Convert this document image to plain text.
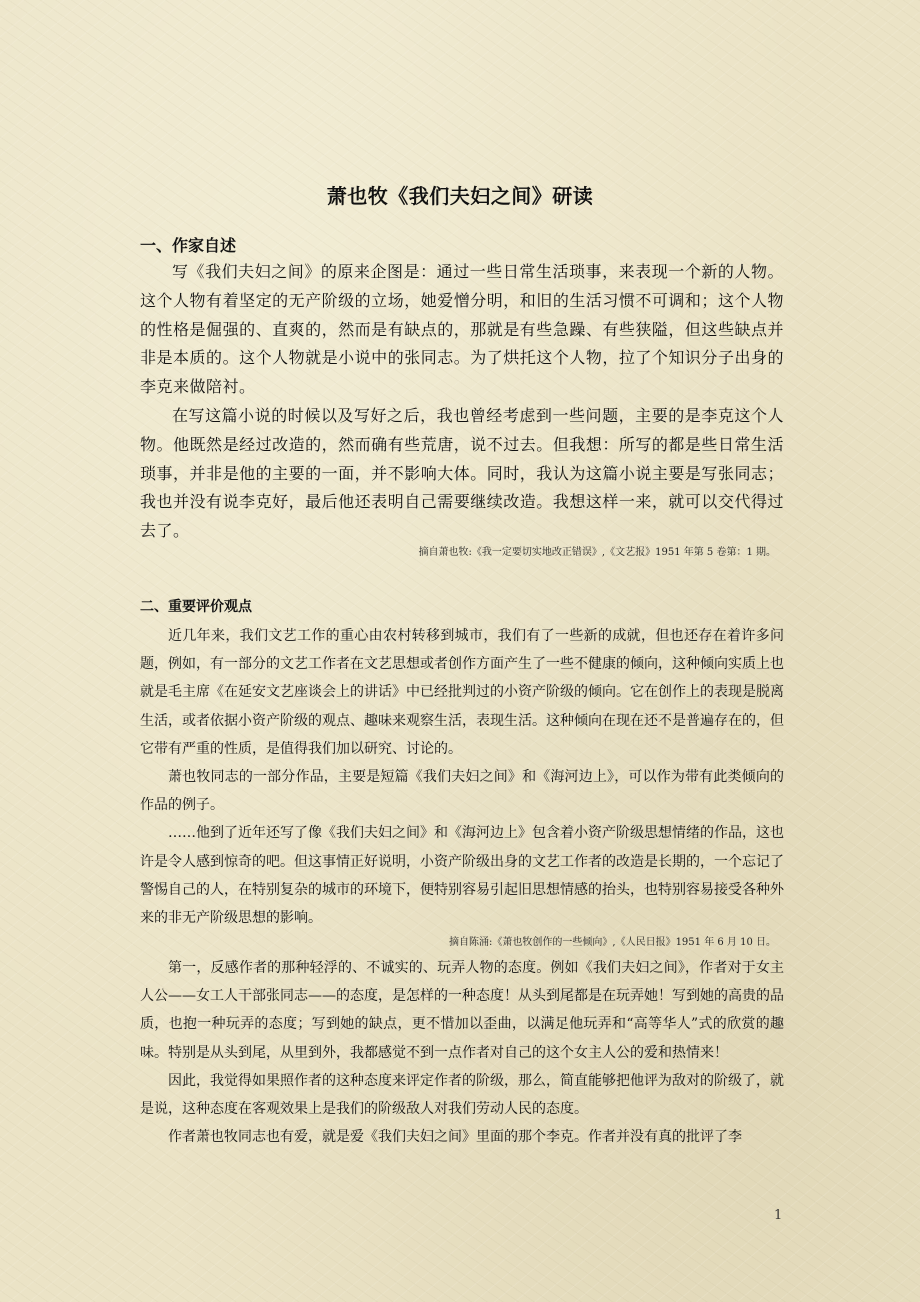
萧也牧《我们夫妇之间》研读
一、作家自述

写《我们夫妇之间》的原来企图是：通过一些日常生活琐事，来表现一个新的人物。这个人物有着坚定的无产阶级的立场，她爱憎分明，和旧的生活习惯不可调和；这个人物的性格是倔强的、直爽的，然而是有缺点的，那就是有些急躁、有些狭隘，但这些缺点并非是本质的。这个人物就是小说中的张同志。为了烘托这个人物，拉了个知识分子出身的李克来做陪衬。

在写这篇小说的时候以及写好之后，我也曾经考虑到一些问题，主要的是李克这个人物。他既然是经过改造的，然而确有些荒唐，说不过去。但我想：所写的都是些日常生活琐事，并非是他的主要的一面，并不影响大体。同时，我认为这篇小说主要是写张同志；我也并没有说李克好，最后他还表明自己需要继续改造。我想这样一来，就可以交代得过去了。

摘自萧也牧:《我一定要切实地改正错误》,《文艺报》1951 年第 5 卷第：1 期。
二、重要评价观点

近几年来，我们文艺工作的重心由农村转移到城市，我们有了一些新的成就，但也还存在着许多问题，例如，有一部分的文艺工作者在文艺思想或者创作方面产生了一些不健康的倾向，这种倾向实质上也就是毛主席《在延安文艺座谈会上的讲话》中已经批判过的小资产阶级的倾向。它在创作上的表现是脱离生活，或者依据小资产阶级的观点、趣味来观察生活，表现生活。这种倾向在现在还不是普遍存在的，但它带有严重的性质，是值得我们加以研究、讨论的。

萧也牧同志的一部分作品，主要是短篇《我们夫妇之间》和《海河边上》，可以作为带有此类倾向的作品的例子。

……他到了近年还写了像《我们夫妇之间》和《海河边上》包含着小资产阶级思想情绪的作品，这也许是令人感到惊奇的吧。但这事情正好说明，小资产阶级出身的文艺工作者的改造是长期的，一个忘记了警惕自己的人，在特别复杂的城市的环境下，便特别容易引起旧思想情感的抬头，也特别容易接受各种外来的非无产阶级思想的影响。

摘自陈涌:《萧也牧创作的一些倾向》,《人民日报》1951 年 6 月 10 日。

第一，反感作者的那种轻浮的、不诚实的、玩弄人物的态度。例如《我们夫妇之间》，作者对于女主人公——女工人干部张同志——的态度，是怎样的一种态度！从头到尾都是在玩弄她！写到她的高贵的品质，也抱一种玩弄的态度；写到她的缺点，更不惜加以歪曲，以满足他玩弄和“高等华人”式的欣赏的趣味。特别是从头到尾，从里到外，我都感觉不到一点作者对自己的这个女主人公的爱和热情来！

因此，我觉得如果照作者的这种态度来评定作者的阶级，那么，简直能够把他评为敌对的阶级了，就是说，这种态度在客观效果上是我们的阶级敌人对我们劳动人民的态度。

作者萧也牧同志也有爱，就是爱《我们夫妇之间》里面的那个李克。作者并没有真的批评了李

1
